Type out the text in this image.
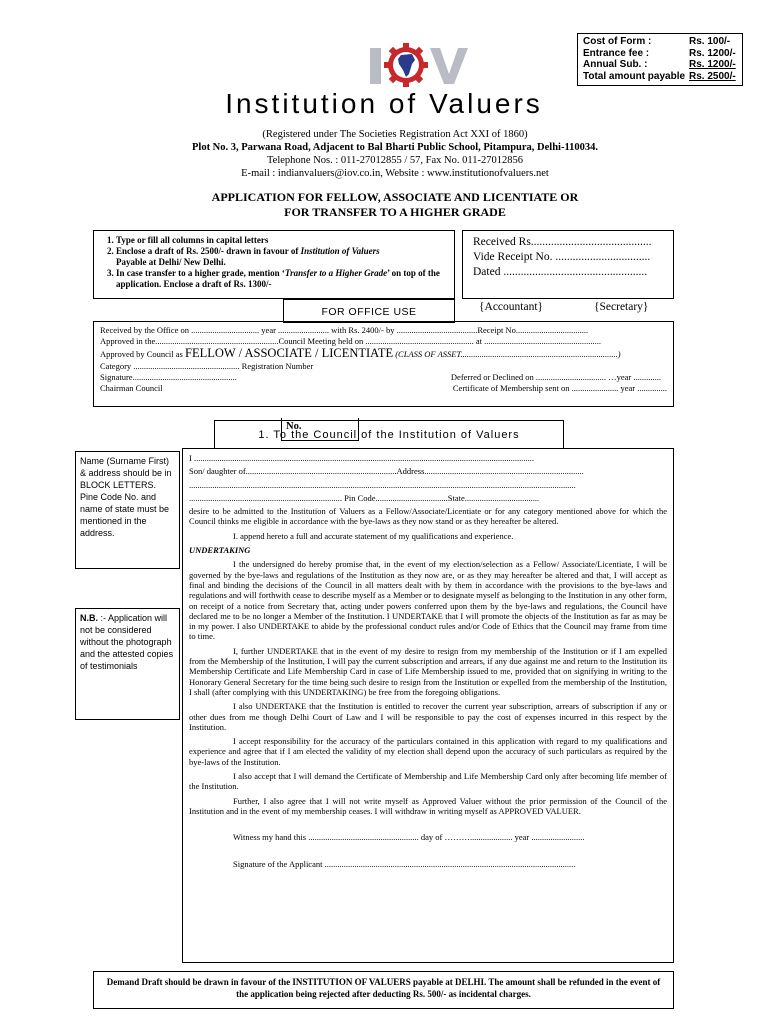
Cost of Form :	Rs. 100/-
Entrance fee :	Rs. 1200/-
Annual Sub. :	Rs. 1200/-
Total amount payable Rs. 2500/-
Institution of Valuers
(Registered under The Societies Registration Act XXI of 1860)
Plot No. 3, Parwana Road, Adjacent to Bal Bharti Public School, Pitampura, Delhi-110034.
Telephone Nos. : 011-27012855 / 57, Fax No. 011-27012856
E-mail : indianvaluers@iov.co.in, Website : www.institutionofvaluers.net
APPLICATION FOR FELLOW, ASSOCIATE AND LICENTIATE OR
FOR TRANSFER TO A HIGHER GRADE
1. Type or fill all columns in capital letters
2. Enclose a draft of Rs. 2500/- drawn in favour of Institution of Valuers
Payable at Delhi/ New Delhi.
3. In case transfer to a higher grade, mention ‘Transfer to a Higher Grade’ on top of the application. Enclose a draft of Rs. 1300/-
Received Rs..........................................
Vide Receipt No. .................................
Dated ..................................................
FOR OFFICE USE	{Accountant}	{Secretary}
Received by the Office on ................................ year ........................ with Rs. 2400/- by ......................................Receipt No..................................
Approved in the..........................................................Council Meeting held on ................................................... at .......................................................
Approved by Council as FELLOW / ASSOCIATE / LICENTIATE (CLASS OF ASSET..........................................................................)
Category .................................................. Registration Number
Signature.................................................	Deferred or Declined on ................................. …year .............
Chairman Council	Certificate of Membership sent on ...................... year ..............
No.
1. To the Council of the Institution of Valuers
Name (Surname First) & address should be in BLOCK LETTERS. Pine Code No. and name of state must be mentioned in the address.
N.B. :- Application will not be considered without the photograph and the attested copies of testimonials
I ................................................................................................................................................................
Son/ daughter of.......................................................................Address...........................................................................
......................................................................................................................................................................................
........................................................................ Pin Code..................................State...................................

desire to be admitted to the Institution of Valuers as a Fellow/Associate/Licentiate or for any category mentioned above for which the Council thinks me eligible in accordance with the bye-laws as they now stand or as they hereafter be altered.

I. append hereto a full and accurate statement of my qualifications and experience.

UNDERTAKING

I the undersigned do hereby promise that, in the event of my election/selection as a Fellow/ Associate/Licentiate, I will be governed by the bye-laws and regulations of the Institution as they now are, or as they may hereafter be altered and that, I will accept as final and binding the decisions of the Council in all matters dealt with by them in accordance with the provisions to the bye-laws and regulations and will forthwith cease to describe myself as a Member or to designate myself as belonging to the Institution in any other form, on receipt of a notice from Secretary that, acting under powers conferred upon them by the bye-laws and regulations, the Council have declared me to be no longer a Member of the Institution. I UNDERTAKE that I will promote the objects of the Institution as far as may be in my power. I also UNDERTAKE to abide by the professional conduct rules and/or Code of Ethics that the Council may frame from time to time.

I, further UNDERTAKE that in the event of my desire to resign from my membership of the Institution or if I am expelled from the Membership of the Institution, I will pay the current subscription and arrears, if any due against me and return to the Institution its Membership Certificate and Life Membership Card in case of Life Membership issued to me, provided that on signifying in writing to the Honorary General Secretary for the time being such desire to resign from the Institution or expelled from the membership of the Institution, I shall (after complying with this UNDERTAKING) be free from the foregoing obligations.

I also UNDERTAKE that the Institution is entitled to recover the current year subscription, arrears of subscription if any or other dues from me though Delhi Court of Law and I will be responsible to pay the cost of expenses incurred in this respect by the Institution.

I accept responsibility for the accuracy of the particulars contained in this application with regard to my qualifications and experience and agree that if I am elected the validity of my election shall depend upon the accuracy of such particulars as required by the bye-laws of the Institution.

I also accept that I will demand the Certificate of Membership and Life Membership Card only after becoming life member of the Institution.

Further, I also agree that I will not write myself as Approved Valuer without the prior permission of the Council of the Institution and in the event of my membership ceases. I will withdraw in writing myself as APPROVED VALUER.

Witness my hand this .................................................... day of ……….................... year .........................

Signature of the Applicant ......................................................................................................................

Demand Draft should be drawn in favour of the INSTITUTION OF VALUERS payable at DELHI. The amount shall be refunded in the event of the application being rejected after deducting Rs. 500/- as incidental charges.
